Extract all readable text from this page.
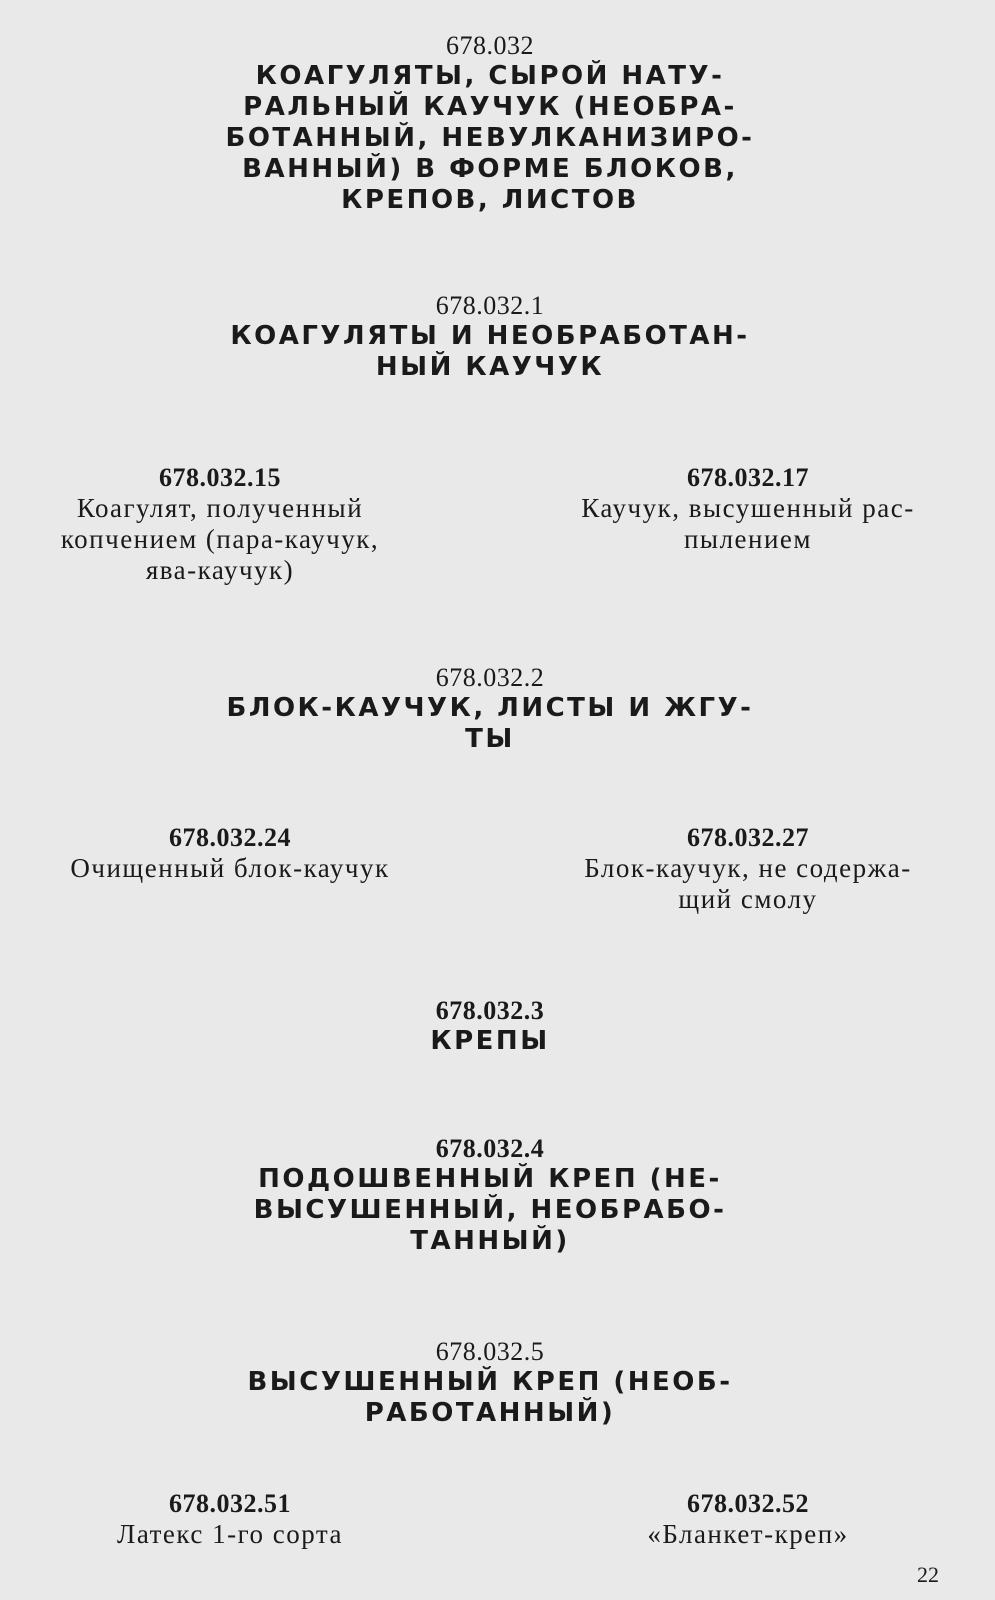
678.032
КОАГУЛЯТЫ, СЫРОЙ НАТУ-
РАЛЬНЫЙ КАУЧУК (НЕОБРА-
БОТАННЫЙ, НЕВУЛКАНИЗИРО-
ВАННЫЙ) В ФОРМЕ БЛОКОВ,
КРЕПОВ, ЛИСТОВ
678.032.1
КОАГУЛЯТЫ И НЕОБРАБОТАН-
НЫЙ КАУЧУК
678.032.15
Коагулят, полученный
копчением (пара-каучук,
ява-каучук)
678.032.17
Каучук, высушенный рас-
пылением
678.032.2
БЛОК-КАУЧУК, ЛИСТЫ И ЖГУ-
ТЫ
678.032.24
Очищенный блок-каучук
678.032.27
Блок-каучук, не содержа-
щий смолу
678.032.3
КРЕПЫ
678.032.4
ПОДОШВЕННЫЙ КРЕП (НЕ-
ВЫСУШЕННЫЙ, НЕОБРАБО-
ТАННЫЙ)
678.032.5
ВЫСУШЕННЫЙ КРЕП (НЕОБ-
РАБОТАННЫЙ)
678.032.51
Латекс 1-го сорта
678.032.52
«Бланкет-креп»
22
